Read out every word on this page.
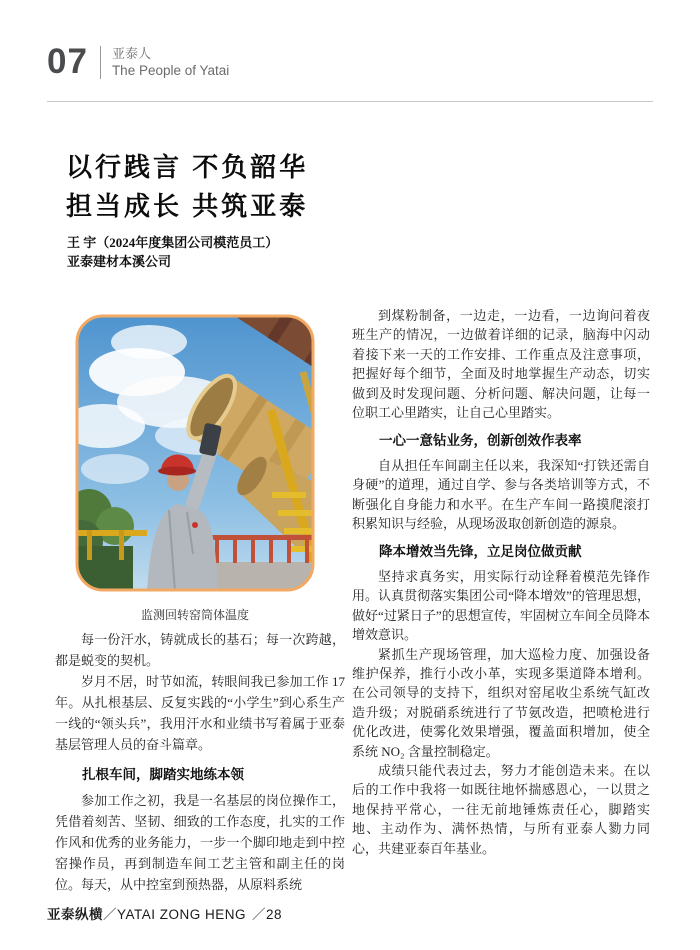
07 亚泰人
The People of Yatai
以行践言 不负韶华
担当成长 共筑亚泰
王 宇（2024年度集团公司模范员工）
亚泰建材本溪公司
监测回转窑筒体温度

每一份汗水，铸就成长的基石；每一次跨越，都是蜕变的契机。

岁月不居，时节如流，转眼间我已参加工作 17 年。从扎根基层、反复实践的“小学生”到心系生产一线的“领头兵”，我用汗水和业绩书写着属于亚泰基层管理人员的奋斗篇章。

扎根车间，脚踏实地练本领

参加工作之初，我是一名基层的岗位操作工，凭借着刻苦、坚韧、细致的工作态度，扎实的工作作风和优秀的业务能力，一步一个脚印地走到中控窑操作员，再到制造车间工艺主管和副主任的岗位。每天，从中控室到预热器，从原料系统

到煤粉制备，一边走，一边看，一边询问着夜班生产的情况，一边做着详细的记录，脑海中闪动着接下来一天的工作安排、工作重点及注意事项，把握好每个细节，全面及时地掌握生产动态，切实做到及时发现问题、分析问题、解决问题，让每一位职工心里踏实，让自己心里踏实。

一心一意钻业务，创新创效作表率

自从担任车间副主任以来，我深知“打铁还需自身硬”的道理，通过自学、参与各类培训等方式，不断强化自身能力和水平。在生产车间一路摸爬滚打积累知识与经验，从现场汲取创新创造的源泉。

降本增效当先锋，立足岗位做贡献

坚持求真务实，用实际行动诠释着模范先锋作用。认真贯彻落实集团公司“降本增效”的管理思想，做好“过紧日子”的思想宣传，牢固树立车间全员降本增效意识。

紧抓生产现场管理，加大巡检力度、加强设备维护保养，推行小改小革，实现多渠道降本增利。在公司领导的支持下，组织对窑尾收尘系统气缸改造升级；对脱硝系统进行了节氨改造，把喷枪进行优化改进，使雾化效果增强，覆盖面积增加，使全系统 NO₂ 含量控制稳定。

成绩只能代表过去，努力才能创造未来。在以后的工作中我将一如既往地怀揣感恩心，一以贯之地保持平常心，一往无前地锤炼责任心，脚踏实地、主动作为、满怀热情，与所有亚泰人勠力同心，共建亚泰百年基业。

亚泰纵横／YATAI ZONG HENG ／28
